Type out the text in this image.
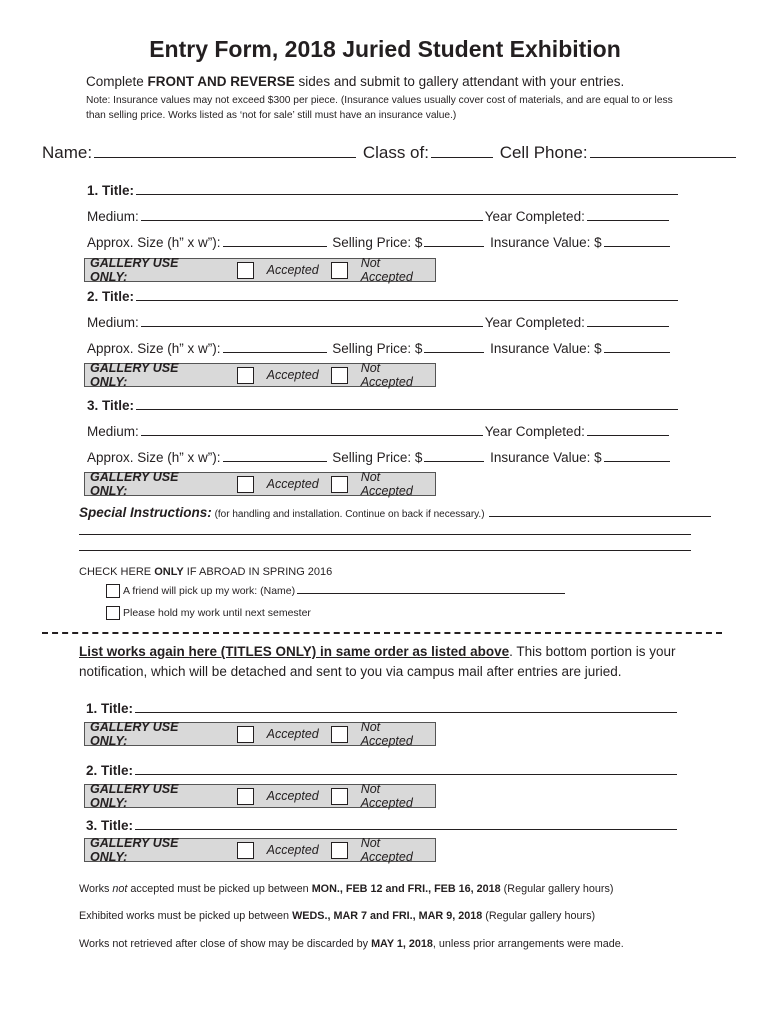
Entry Form, 2018 Juried Student Exhibition
Complete FRONT AND REVERSE sides and submit to gallery attendant with your entries.
Note: Insurance values may not exceed $300 per piece. (Insurance values usually cover cost of materials, and are equal to or less than selling price. Works listed as ‘not for sale’ still must have an insurance value.)
Name:	Class of:	Cell Phone:
1. Title:
Medium:	Year Completed:
Approx. Size (h” x w”):	Selling Price: $	Insurance Value: $
GALLERY USE ONLY:	Accepted	Not Accepted
2. Title:
Medium:	Year Completed:
Approx. Size (h” x w”):	Selling Price: $	Insurance Value: $
GALLERY USE ONLY:	Accepted	Not Accepted
3. Title:
Medium:	Year Completed:
Approx. Size (h” x w”):	Selling Price: $	Insurance Value: $
GALLERY USE ONLY:	Accepted	Not Accepted
Special Instructions: (for handling and installation. Continue on back if necessary.)
CHECK HERE ONLY IF ABROAD IN SPRING 2016
A friend will pick up my work: (Name)
Please hold my work until next semester
List works again here (TITLES ONLY) in same order as listed above. This bottom portion is your notification, which will be detached and sent to you via campus mail after entries are juried.
1. Title:
GALLERY USE ONLY:	Accepted	Not Accepted
2. Title:
GALLERY USE ONLY:	Accepted	Not Accepted
3. Title:
GALLERY USE ONLY:	Accepted	Not Accepted
Works not accepted must be picked up between MON., FEB 12 and FRI., FEB 16, 2018 (Regular gallery hours)
Exhibited works must be picked up between WEDS., MAR 7 and FRI., MAR 9, 2018 (Regular gallery hours)
Works not retrieved after close of show may be discarded by MAY 1, 2018, unless prior arrangements were made.
